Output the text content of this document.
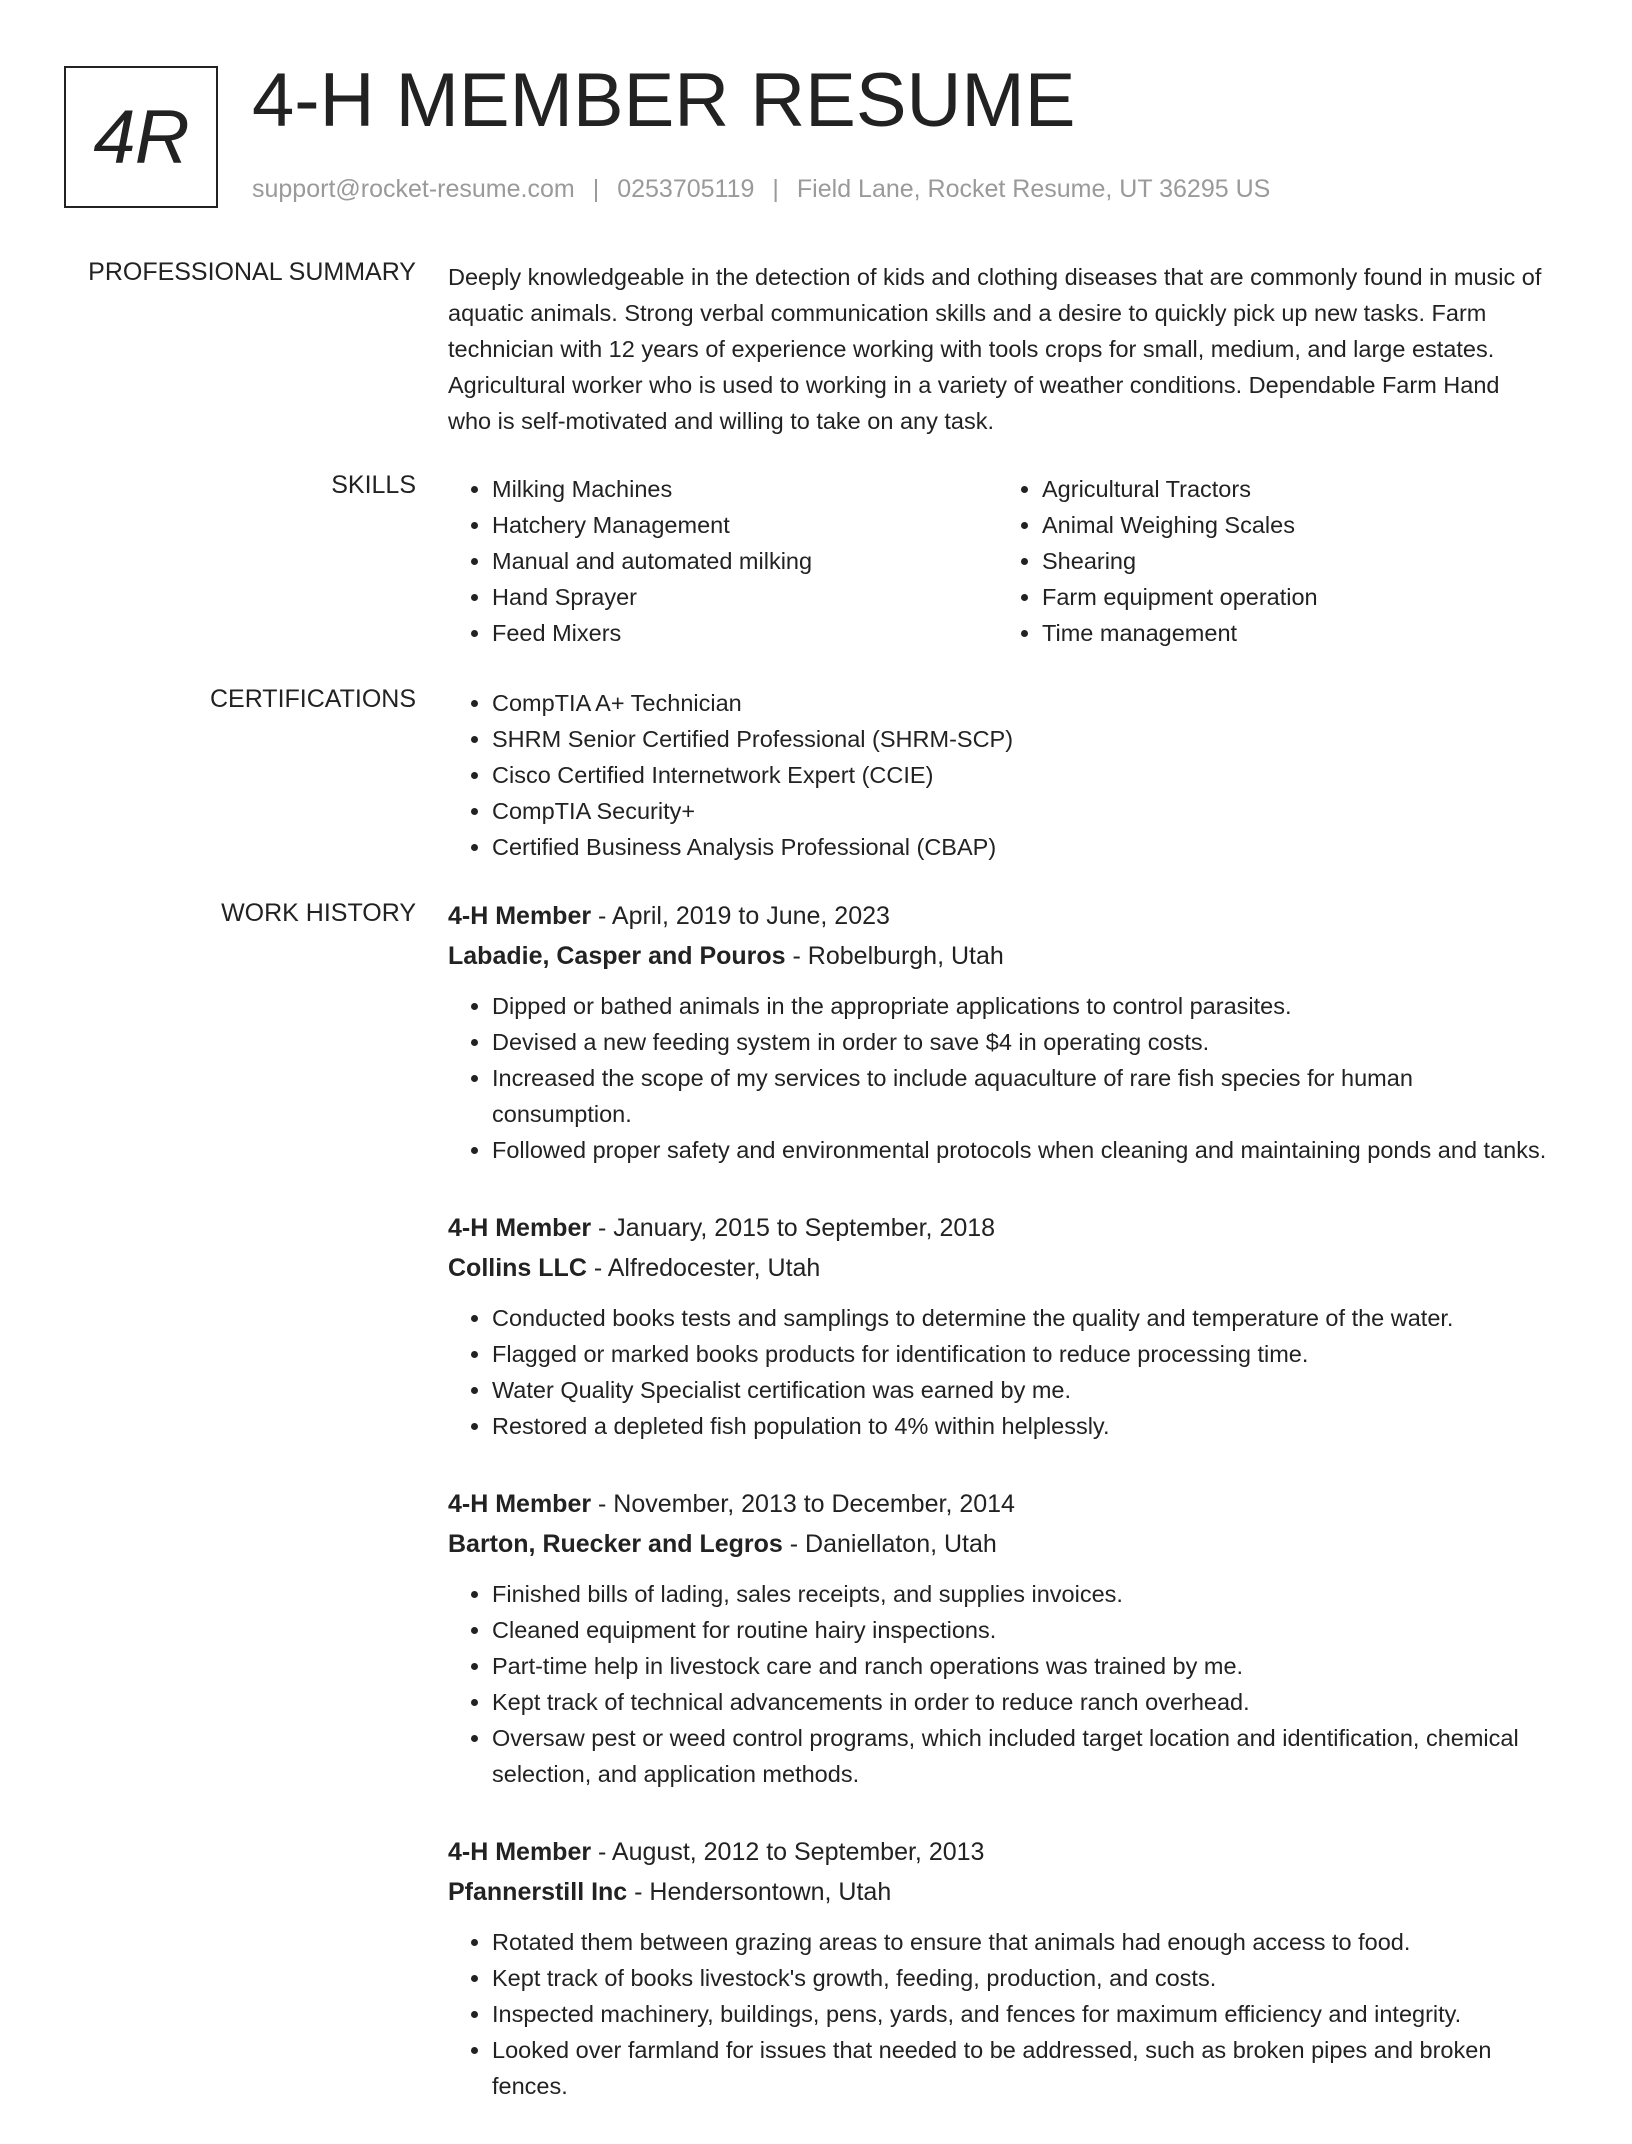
4R 4-H MEMBER RESUME
support@rocket-resume.com | 0253705119 | Field Lane, Rocket Resume, UT 36295 US
PROFESSIONAL SUMMARY Deeply knowledgeable in the detection of kids and clothing diseases that are commonly found in music of aquatic animals. Strong verbal communication skills and a desire to quickly pick up new tasks. Farm technician with 12 years of experience working with tools crops for small, medium, and large estates. Agricultural worker who is used to working in a variety of weather conditions. Dependable Farm Hand who is self-motivated and willing to take on any task.

SKILLS	• Milking Machines
• Hatchery Management
• Manual and automated milking
• Hand Sprayer
• Feed Mixers
• Agricultural Tractors
• Animal Weighing Scales
• Shearing
• Farm equipment operation
• Time management
CERTIFICATIONS	• CompTIA A+ Technician
• SHRM Senior Certified Professional (SHRM-SCP)
• Cisco Certified Internetwork Expert (CCIE)
• CompTIA Security+
• Certified Business Analysis Professional (CBAP)
WORK HISTORY 4-H Member - April, 2019 to June, 2023
Labadie, Casper and Pouros - Robelburgh, Utah
• Dipped or bathed animals in the appropriate applications to control parasites.
• Devised a new feeding system in order to save $4 in operating costs.
• Increased the scope of my services to include aquaculture of rare fish species for human consumption.
• Followed proper safety and environmental protocols when cleaning and maintaining ponds and tanks.
4-H Member - January, 2015 to September, 2018
Collins LLC - Alfredocester, Utah
• Conducted books tests and samplings to determine the quality and temperature of the water.
• Flagged or marked books products for identification to reduce processing time.
• Water Quality Specialist certification was earned by me.
• Restored a depleted fish population to 4% within helplessly.
4-H Member - November, 2013 to December, 2014
Barton, Ruecker and Legros - Daniellaton, Utah
• Finished bills of lading, sales receipts, and supplies invoices.
• Cleaned equipment for routine hairy inspections.
• Part-time help in livestock care and ranch operations was trained by me.
• Kept track of technical advancements in order to reduce ranch overhead.
• Oversaw pest or weed control programs, which included target location and identification, chemical selection, and application methods.
4-H Member - August, 2012 to September, 2013
Pfannerstill Inc - Hendersontown, Utah
• Rotated them between grazing areas to ensure that animals had enough access to food.
• Kept track of books livestock's growth, feeding, production, and costs.
• Inspected machinery, buildings, pens, yards, and fences for maximum efficiency and integrity.
• Looked over farmland for issues that needed to be addressed, such as broken pipes and broken fences.
